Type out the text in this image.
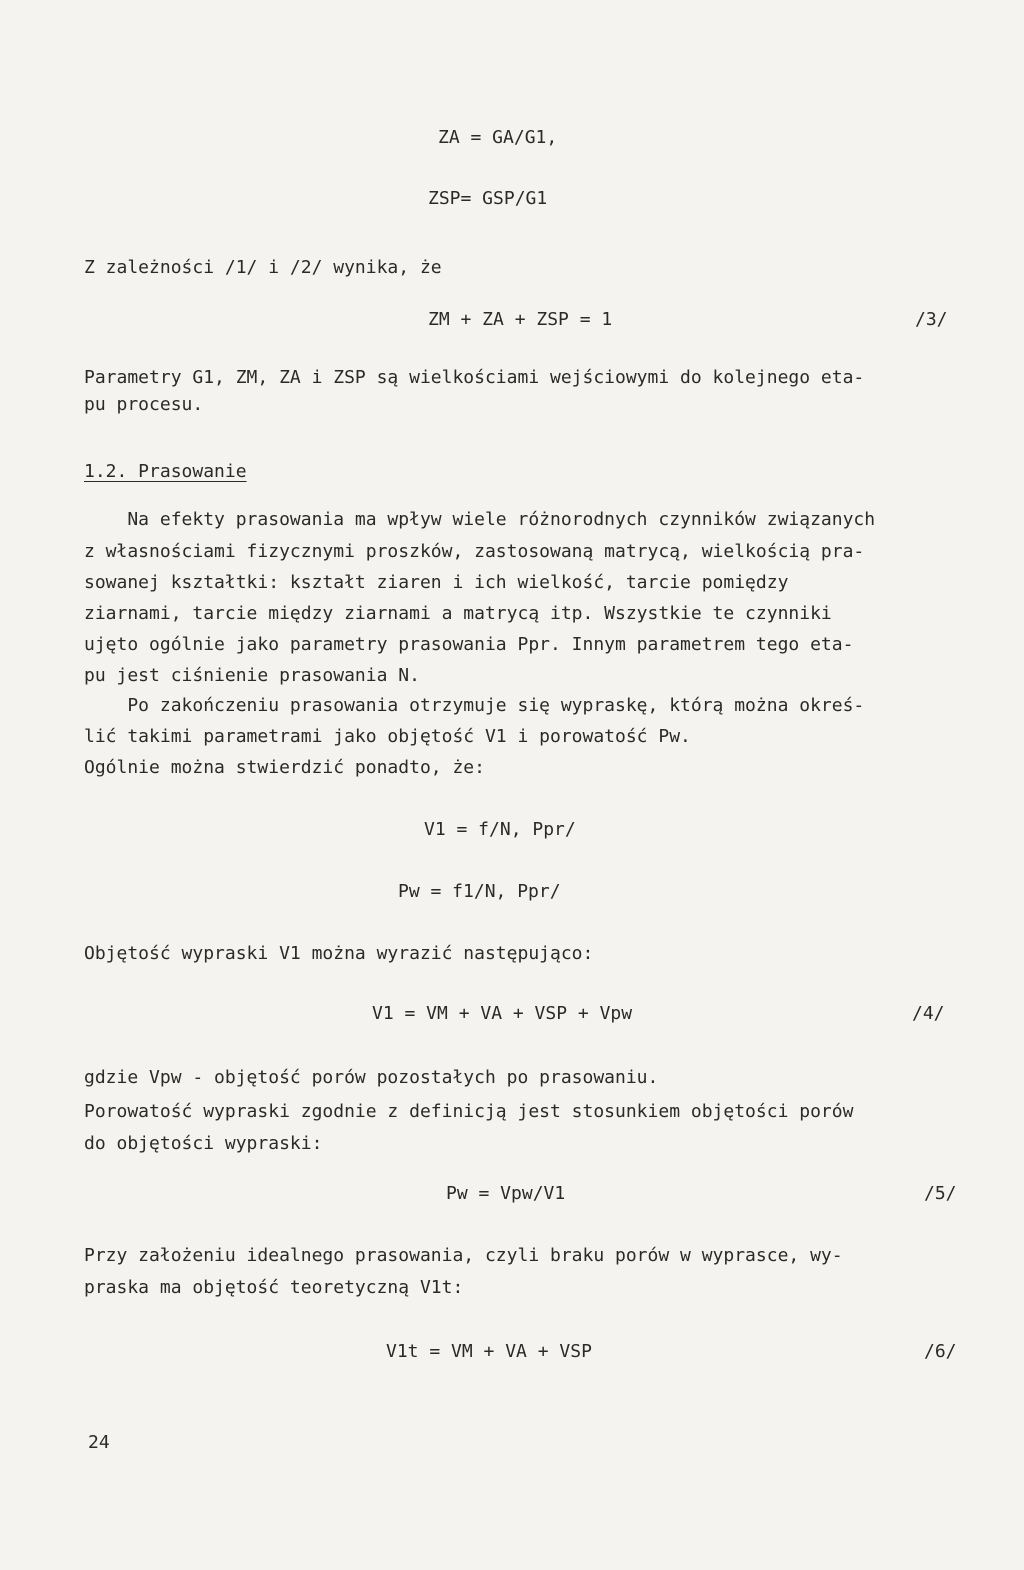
ZA = GA/G1,
ZSP= GSP/G1
Z zależności /1/ i /2/ wynika, że
ZM + ZA + ZSP = 1	/3/
Parametry G1, ZM, ZA i ZSP są wielkościami wejściowymi do kolejnego eta-
pu procesu.
1.2. Prasowanie
Na efekty prasowania ma wpływ wiele różnorodnych czynników związanych
z własnościami fizycznymi proszków, zastosowaną matrycą, wielkością pra-
sowanej kształtki: kształt ziaren i ich wielkość, tarcie pomiędzy
ziarnami, tarcie między ziarnami a matrycą itp. Wszystkie te czynniki
ujęto ogólnie jako parametry prasowania Ppr. Innym parametrem tego eta-
pu jest ciśnienie prasowania N.
Po zakończeniu prasowania otrzymuje się wypraskę, którą można okreś-
lić takimi parametrami jako objętość V1 i porowatość Pw.
Ogólnie można stwierdzić ponadto, że:
V1 = f/N, Ppr/
Pw = f1/N, Ppr/
Objętość wypraski V1 można wyrazić następująco:
V1 = VM + VA + VSP + Vpw	/4/
gdzie Vpw - objętość porów pozostałych po prasowaniu.
Porowatość wypraski zgodnie z definicją jest stosunkiem objętości porów
do objętości wypraski:
Pw = Vpw/V1	/5/
Przy założeniu idealnego prasowania, czyli braku porów w wyprasce, wy-
praska ma objętość teoretyczną V1t:
V1t = VM + VA + VSP	/6/
24
